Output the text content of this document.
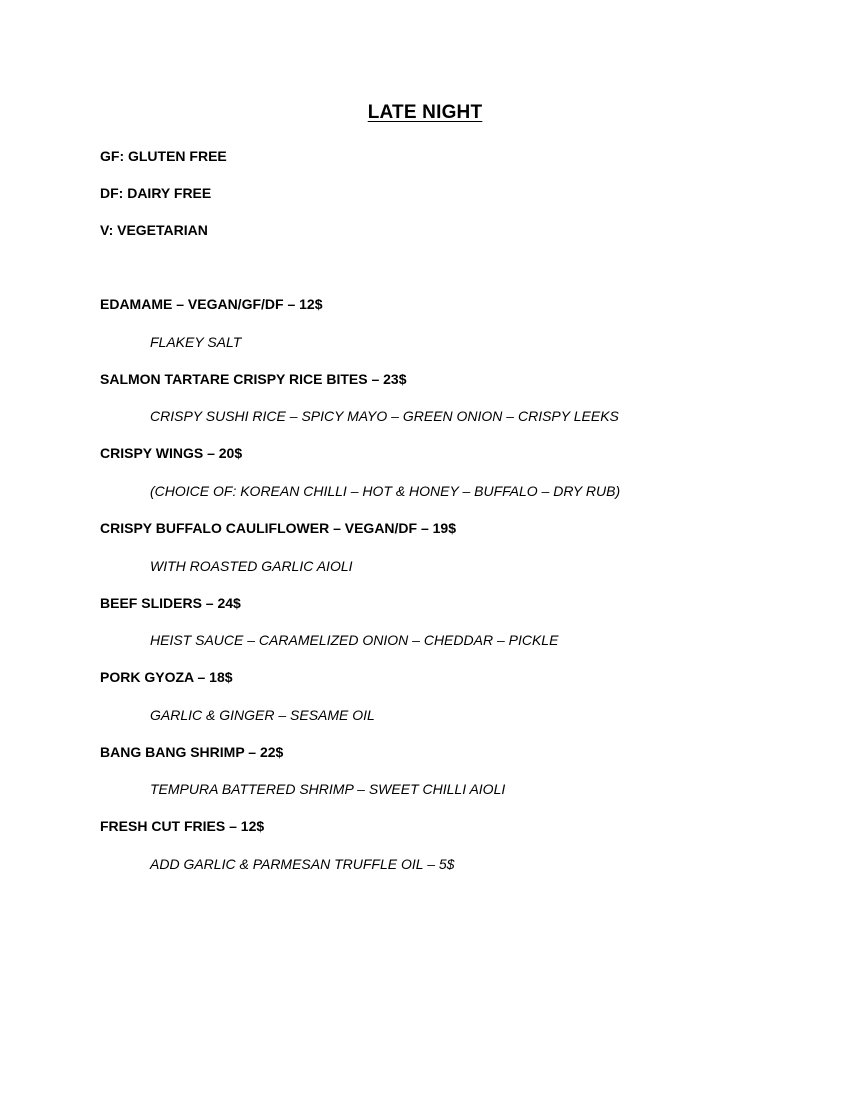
LATE NIGHT
GF: GLUTEN FREE
DF: DAIRY FREE
V: VEGETARIAN
EDAMAME – VEGAN/GF/DF – 12$
FLAKEY SALT
SALMON TARTARE CRISPY RICE BITES – 23$
CRISPY SUSHI RICE – SPICY MAYO – GREEN ONION – CRISPY LEEKS
CRISPY WINGS – 20$
(CHOICE OF: KOREAN CHILLI – HOT & HONEY – BUFFALO – DRY RUB)
CRISPY BUFFALO CAULIFLOWER – VEGAN/DF – 19$
WITH ROASTED GARLIC AIOLI
BEEF SLIDERS – 24$
HEIST SAUCE – CARAMELIZED ONION – CHEDDAR – PICKLE
PORK GYOZA – 18$
GARLIC & GINGER – SESAME OIL
BANG BANG SHRIMP – 22$
TEMPURA BATTERED SHRIMP – SWEET CHILLI AIOLI
FRESH CUT FRIES – 12$
ADD GARLIC & PARMESAN TRUFFLE OIL – 5$
